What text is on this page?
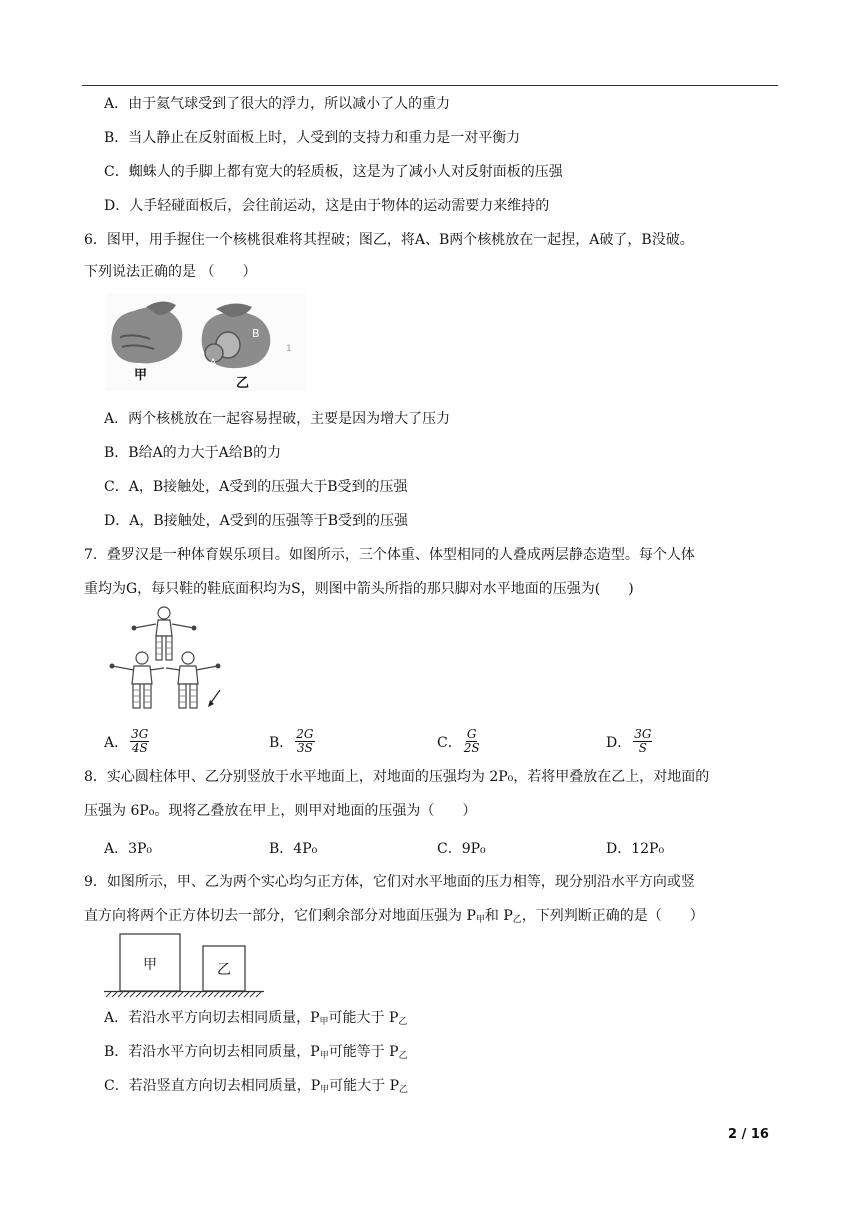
A．由于氦气球受到了很大的浮力，所以减小了人的重力
B．当人静止在反射面板上时，人受到的支持力和重力是一对平衡力
C．蜘蛛人的手脚上都有宽大的轻质板，这是为了减小人对反射面板的压强
D．人手轻碰面板后，会往前运动，这是由于物体的运动需要力来维持的
6．图甲，用手握住一个核桃很难将其捏破；图乙，将A、B两个核桃放在一起捏，A破了，B没破。
下列说法正确的是 （　　）
B
A
1
甲
乙
A．两个核桃放在一起容易捏破，主要是因为增大了压力
B．B给A的力大于A给B的力
C．A，B接触处，A受到的压强大于B受到的压强
D．A，B接触处，A受到的压强等于B受到的压强
7．叠罗汉是一种体育娱乐项目。如图所示，三个体重、体型相同的人叠成两层静态造型。每个人体
重均为G，每只鞋的鞋底面积均为S，则图中箭头所指的那只脚对水平地面的压强为(　　)
A． $\frac{3G}{4S}$	B． $\frac{2G}{3S}$	C． $\frac{G}{2S}$	D． $\frac{3G}{S}$
8．实心圆柱体甲、乙分别竖放于水平地面上，对地面的压强均为 2P₀，若将甲叠放在乙上，对地面的
压强为 6P₀。现将乙叠放在甲上，则甲对地面的压强为（　　）
A．3P₀	B．4P₀	C．9P₀	D．12P₀
9．如图所示，甲、乙为两个实心均匀正方体，它们对水平地面的压力相等，现分别沿水平方向或竖
直方向将两个正方体切去一部分，它们剩余部分对地面压强为 $P_甲$和 $P_乙$，下列判断正确的是（　　）
甲	乙
A．若沿水平方向切去相同质量，$P_甲$可能大于 $P_乙$
B．若沿水平方向切去相同质量，$P_甲$可能等于 $P_乙$
C．若沿竖直方向切去相同质量，$P_甲$可能大于 $P_乙$
2 / 16
